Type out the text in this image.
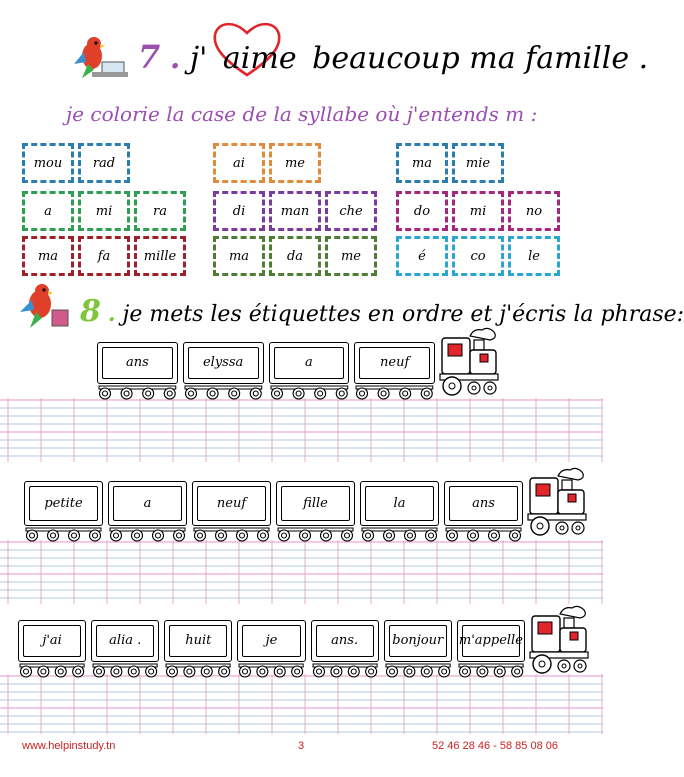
7 . j' aime beaucoup ma famille .
je colorie la case de la syllabe où j'entends m :
mou	rad
a	mi	ra
ma	fa	mille
ai	me
di	man	che
ma	da	me
ma	mie
do	mi	no
é	co	le
8 . je mets les étiquettes en ordre et j'écris la phrase:
ans	elyssa	a	neuf
petite	a	neuf	fille	la	ans
j'ai	alia .	huit	je	ans.	bonjour m'appelle
www.helpinstudy.tn	3	52 46 28 46 - 58 85 08 06
